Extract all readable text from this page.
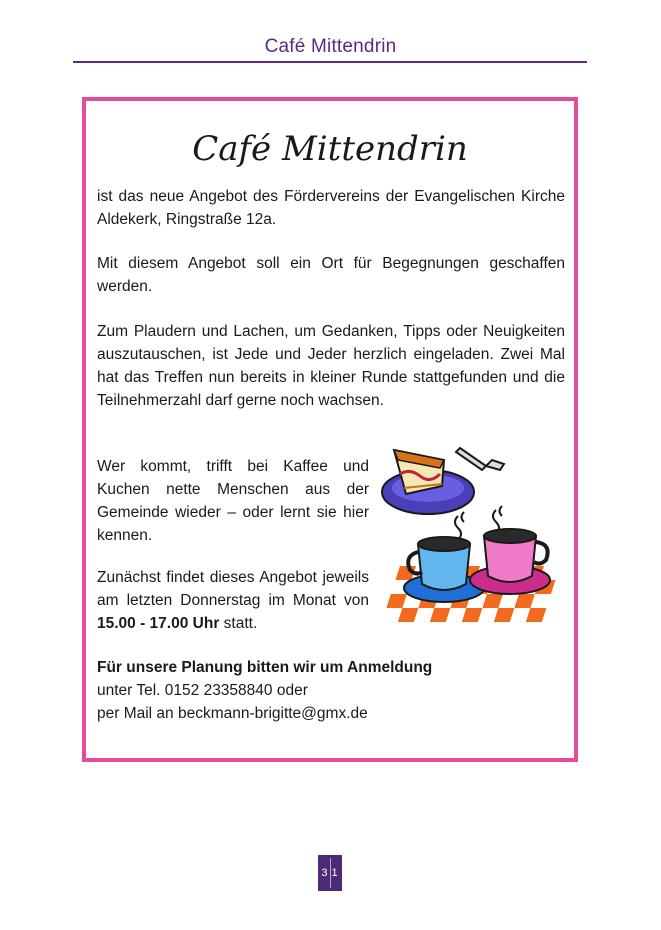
Café Mittendrin
Café Mittendrin

ist das neue Angebot des Fördervereins der Evangelischen Kirche Aldekerk, Ringstraße 12a.

Mit diesem Angebot soll ein Ort für Begegnungen geschaffen werden.

Zum Plaudern und Lachen, um Gedanken, Tipps oder Neuigkeiten auszutauschen, ist Jede und Jeder herzlich eingeladen. Zwei Mal hat das Treffen nun bereits in kleiner Runde stattgefunden und die Teilnehmerzahl darf gerne noch wachsen.

Wer kommt, trifft bei Kaffee und Kuchen nette Menschen aus der Gemeinde wieder – oder lernt sie hier kennen.

Zunächst findet dieses Angebot jeweils am letzten Donnerstag im Monat von 15.00 - 17.00 Uhr statt.

Für unsere Planung bitten wir um Anmeldung
unter Tel. 0152 23358840 oder
per Mail an beckmann-brigitte@gmx.de

3 1
